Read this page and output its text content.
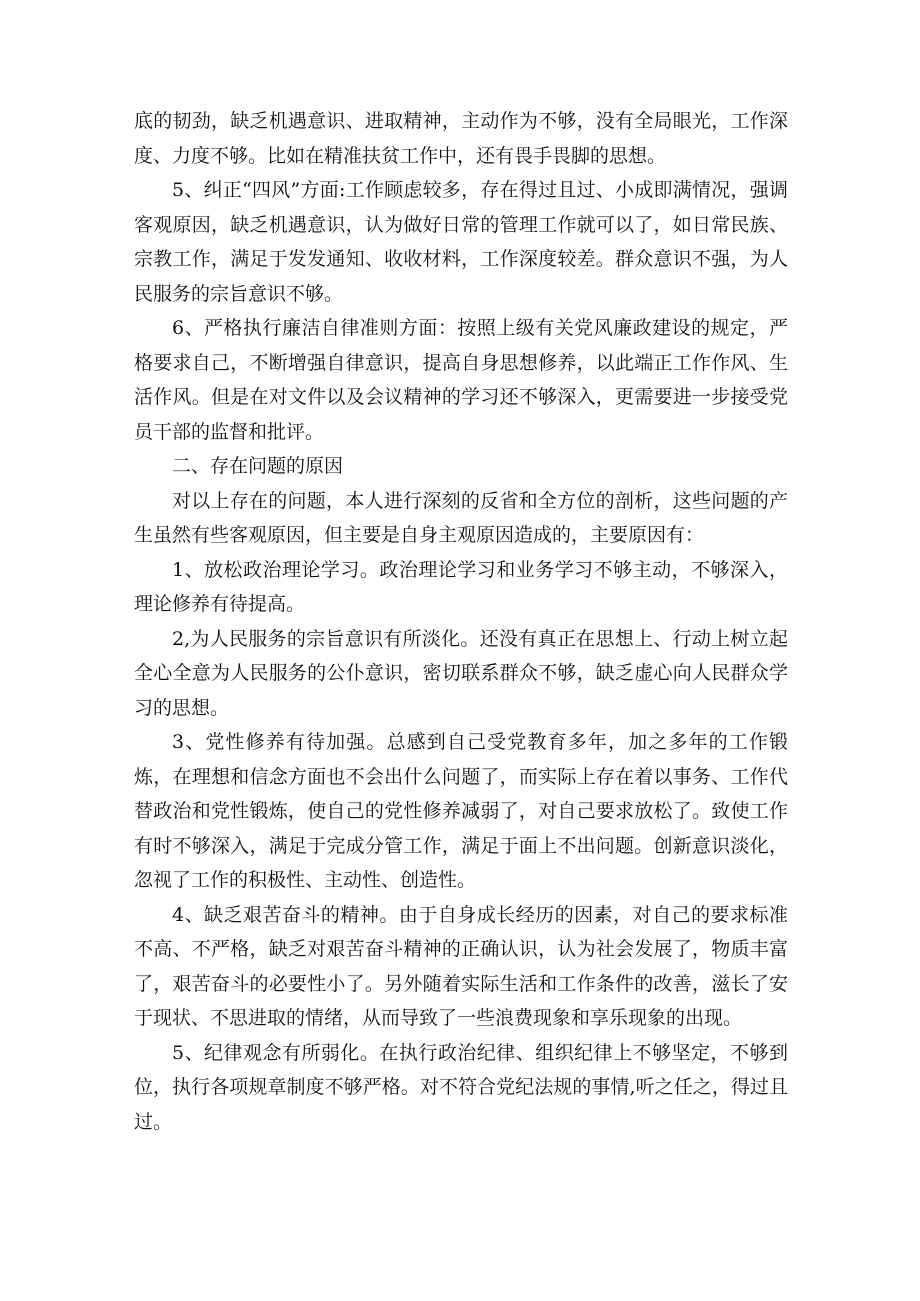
底的韧劲，缺乏机遇意识、进取精神，主动作为不够，没有全局眼光，工作深度、力度不够。比如在精准扶贫工作中，还有畏手畏脚的思想。

5、纠正“四风”方面:工作顾虑较多，存在得过且过、小成即满情况，强调客观原因，缺乏机遇意识，认为做好日常的管理工作就可以了，如日常民族、宗教工作，满足于发发通知、收收材料，工作深度较差。群众意识不强，为人民服务的宗旨意识不够。

6、严格执行廉洁自律准则方面：按照上级有关党风廉政建设的规定，严格要求自己，不断增强自律意识，提高自身思想修养，以此端正工作作风、生活作风。但是在对文件以及会议精神的学习还不够深入，更需要进一步接受党员干部的监督和批评。

二、存在问题的原因

对以上存在的问题，本人进行深刻的反省和全方位的剖析，这些问题的产生虽然有些客观原因，但主要是自身主观原因造成的，主要原因有：

1、放松政治理论学习。政治理论学习和业务学习不够主动，不够深入，理论修养有待提高。

2,为人民服务的宗旨意识有所淡化。还没有真正在思想上、行动上树立起全心全意为人民服务的公仆意识，密切联系群众不够，缺乏虚心向人民群众学习的思想。

3、党性修养有待加强。总感到自己受党教育多年，加之多年的工作锻炼，在理想和信念方面也不会出什么问题了，而实际上存在着以事务、工作代替政治和党性锻炼，使自己的党性修养减弱了，对自己要求放松了。致使工作有时不够深入，满足于完成分管工作，满足于面上不出问题。创新意识淡化，忽视了工作的积极性、主动性、创造性。

4、缺乏艰苦奋斗的精神。由于自身成长经历的因素，对自己的要求标准不高、不严格，缺乏对艰苦奋斗精神的正确认识，认为社会发展了，物质丰富了，艰苦奋斗的必要性小了。另外随着实际生活和工作条件的改善，滋长了安于现状、不思进取的情绪，从而导致了一些浪费现象和享乐现象的出现。

5、纪律观念有所弱化。在执行政治纪律、组织纪律上不够坚定，不够到位，执行各项规章制度不够严格。对不符合党纪法规的事情,听之任之，得过且过。
